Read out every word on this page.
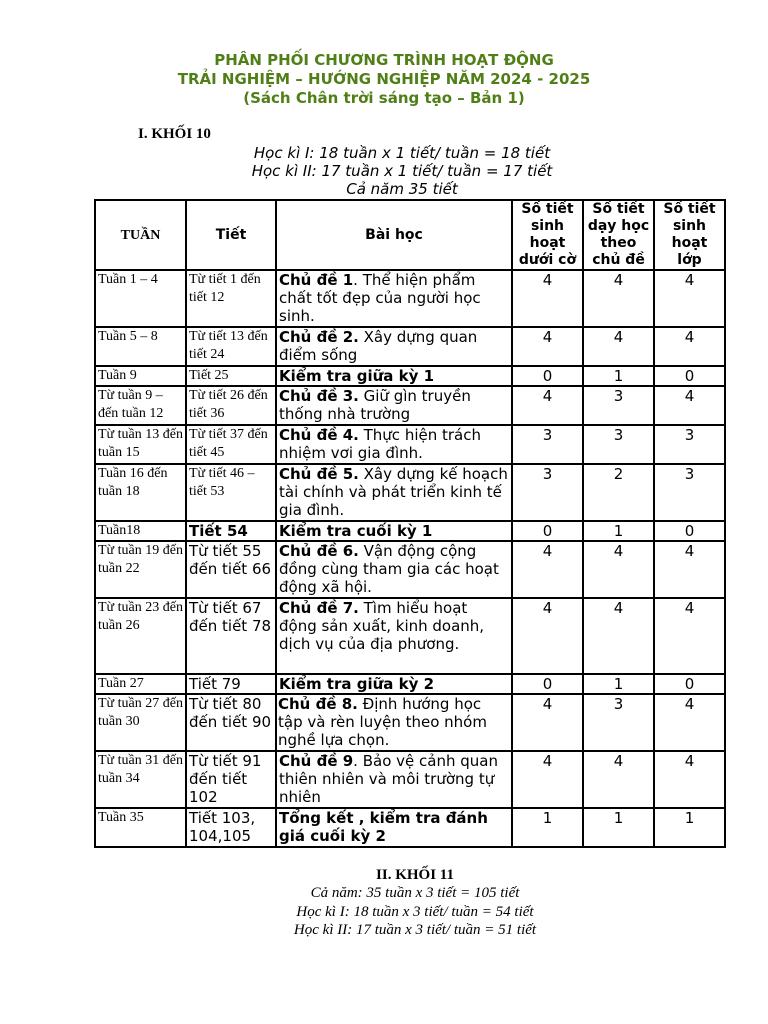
PHÂN PHỐI CHƯƠNG TRÌNH HOẠT ĐỘNG
TRẢI NGHIỆM – HƯỚNG NGHIỆP NĂM 2024 - 2025
(Sách Chân trời sáng tạo – Bản 1)
I. KHỐI 10
Học kì I: 18 tuần x 1 tiết/ tuần = 18 tiết
Học kì II: 17 tuần x 1 tiết/ tuần = 17 tiết
Cả năm 35 tiết
TUẦN	Tiết	Bài học	Số tiết sinh hoạt dưới cờ	Số tiết dạy học theo chủ đề	Số tiết sinh hoạt lớp
Tuần 1 – 4	Từ tiết 1 đến tiết 12	Chủ đề 1. Thể hiện phẩm chất tốt đẹp của người học sinh.	4	4	4
Tuần 5 – 8	Từ tiết 13 đến tiết 24	Chủ đề 2. Xây dựng quan điểm sống	4	4	4
Tuần 9	Tiết 25	Kiểm tra giữa kỳ 1	0	1	0
Từ tuần 9 – đến tuần 12	Từ tiết 26 đến tiết 36	Chủ đề 3. Giữ gìn truyền thống nhà trường	4	3	4
Từ tuần 13 đến tuần 15	Từ tiết 37 đến tiết 45	Chủ đề 4. Thực hiện trách nhiệm vơi gia đình.	3	3	3
Tuần 16 đến tuần 18	Từ tiết 46 – tiết 53	Chủ đề 5. Xây dựng kế hoạch tài chính và phát triển kinh tế gia đình.	3	2	3
Tuần18	Tiết 54	Kiểm tra cuối kỳ 1	0	1	0
Từ tuần 19 đến tuần 22	Từ tiết 55 đến tiết 66	Chủ đề 6. Vận động cộng đồng cùng tham gia các hoạt động xã hội.	4	4	4
Từ tuần 23 đến tuần 26	Từ tiết 67 đến tiết 78	Chủ đề 7. Tìm hiểu hoạt động sản xuất, kinh doanh, dịch vụ của địa phương.	4	4	4
Tuần 27	Tiết 79	Kiểm tra giữa kỳ 2	0	1	0
Từ tuần 27 đến tuần 30	Từ tiết 80 đến tiết 90	Chủ đề 8. Định hướng học tập và rèn luyện theo nhóm nghề lựa chọn.	4	3	4
Từ tuần 31 đến tuần 34	Từ tiết 91 đến tiết 102	Chủ đề 9. Bảo vệ cảnh quan thiên nhiên và môi trường tự nhiên	4	4	4
Tuần 35	Tiết 103, 104,105	Tổng kết , kiểm tra đánh giá cuối kỳ 2	1	1	1
II. KHỐI 11
Cả năm: 35 tuần x 3 tiết = 105 tiết
Học kì I: 18 tuần x 3 tiết/ tuần = 54 tiết
Học kì II: 17 tuần x 3 tiết/ tuần = 51 tiết
